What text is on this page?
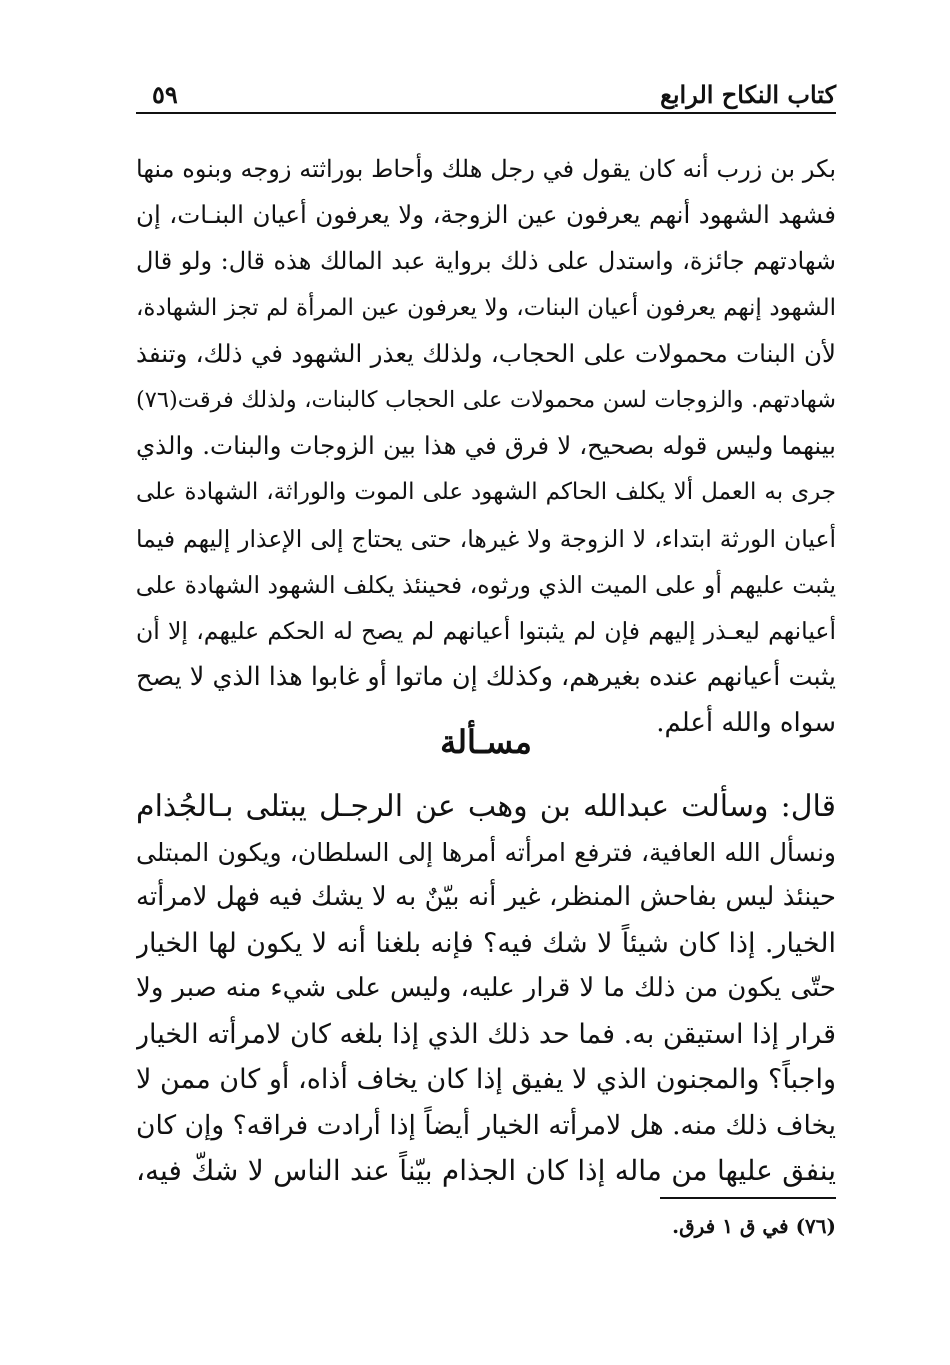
كتاب النكاح الرابع
٥٩
بكر بن زرب أنه كان يقول في رجل هلك وأحاط بوراثته زوجه وبنوه منها
فشهد الشهود أنهم يعرفون عين الزوجة، ولا يعرفون أعيان البنـات، إن
شهادتهم جائزة، واستدل على ذلك برواية عبد المالك هذه قال: ولو قال
الشهود إنهم يعرفون أعيان البنات، ولا يعرفون عين المرأة لم تجز الشهادة،
لأن البنات محمولات على الحجاب، ولذلك يعذر الشهود في ذلك، وتنفذ
شهادتهم. والزوجات لسن محمولات على الحجاب كالبنات، ولذلك فرقت(٧٦)
بينهما وليس قوله بصحيح، لا فرق في هذا بين الزوجات والبنات. والذي
جرى به العمل ألا يكلف الحاكم الشهود على الموت والوراثة، الشهادة على
أعيان الورثة ابتداء، لا الزوجة ولا غيرها، حتى يحتاج إلى الإعذار إليهم فيما
يثبت عليهم أو على الميت الذي ورثوه، فحينئذ يكلف الشهود الشهادة على
أعيانهم ليعـذر إليهم فإن لم يثبتوا أعيانهم لم يصح له الحكم عليهم، إلا أن
يثبت أعيانهم عنده بغيرهم، وكذلك إن ماتوا أو غابوا هذا الذي لا يصح
سواه والله أعلم.
مسـألة
قال: وسألت عبدالله بن وهب عن الرجـل يبتلى بـالجُذام
ونسأل الله العافية، فترفع امرأته أمرها إلى السلطان، ويكون المبتلى
حينئذ ليس بفاحش المنظر، غير أنه بيّنٌ به لا يشك فيه فهل لامرأته
الخيار. إذا كان شيئاً لا شك فيه؟ فإنه بلغنا أنه لا يكون لها الخيار
حتّى يكون من ذلك ما لا قرار عليه، وليس على شيء منه صبر ولا
قرار إذا استيقن به. فما حد ذلك الذي إذا بلغه كان لامرأته الخيار
واجباً؟ والمجنون الذي لا يفيق إذا كان يخاف أذاه، أو كان ممن لا
يخاف ذلك منه. هل لامرأته الخيار أيضاً إذا أرادت فراقه؟ وإن كان
ينفق عليها من ماله إذا كان الجذام بيّناً عند الناس لا شكّ فيه،
(٧٦) في ق ١ فرق.
